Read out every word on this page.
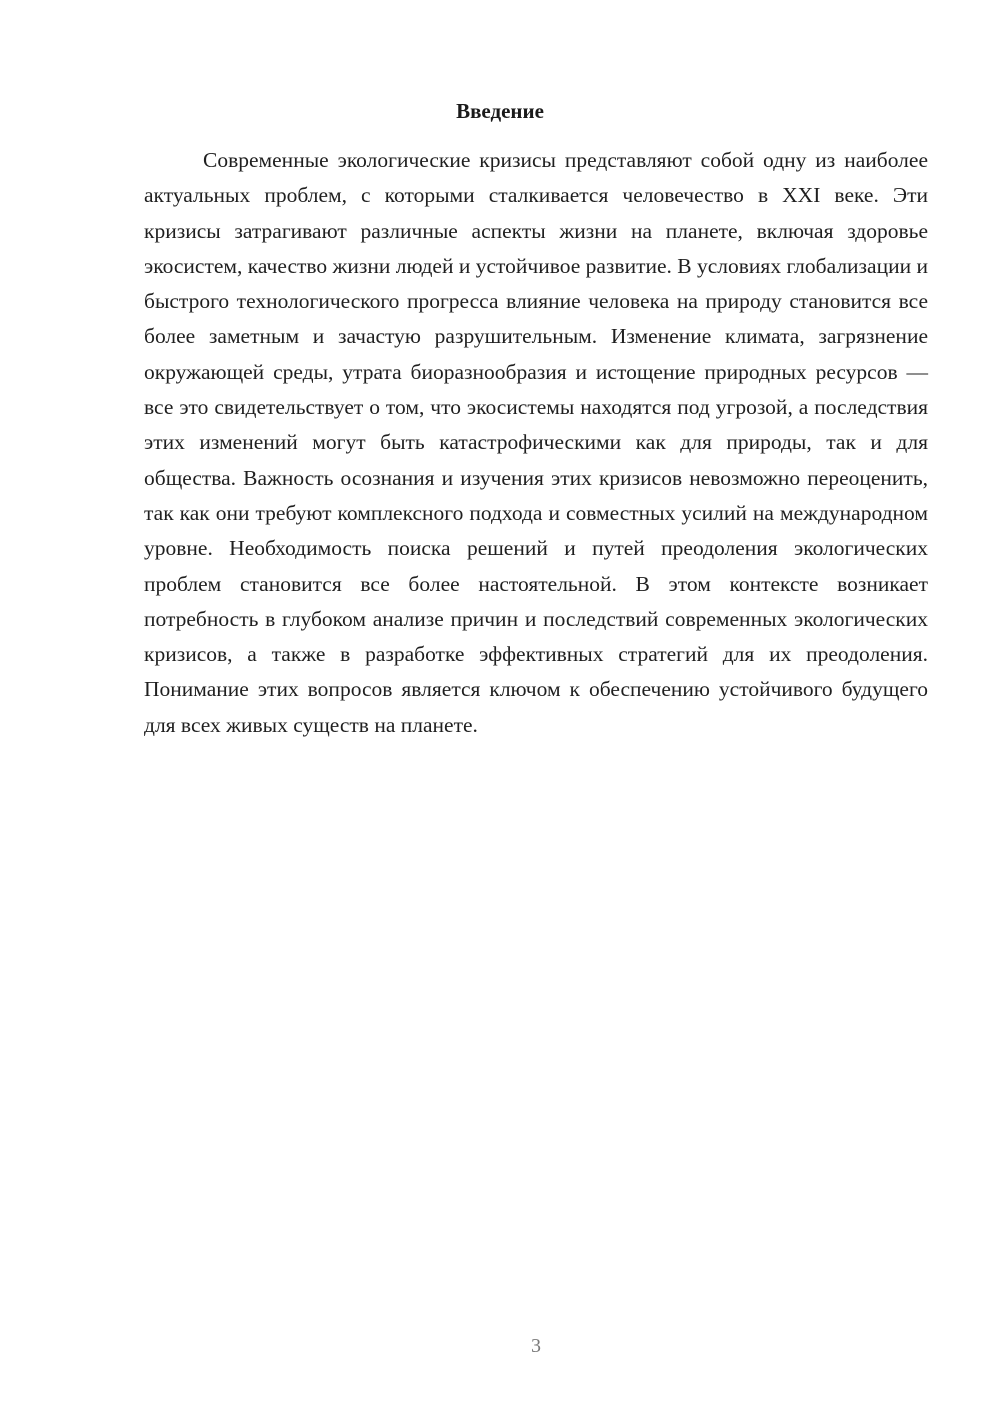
Введение

Современные экологические кризисы представляют собой одну из наиболее актуальных проблем, с которыми сталкивается человечество в XXI веке. Эти кризисы затрагивают различные аспекты жизни на планете, включая здоровье экосистем, качество жизни людей и устойчивое развитие. В условиях глобализации и быстрого технологического прогресса влияние человека на природу становится все более заметным и зачастую разрушительным. Изменение климата, загрязнение окружающей среды, утрата биоразнообразия и истощение природных ресурсов — все это свидетельствует о том, что экосистемы находятся под угрозой, а последствия этих изменений могут быть катастрофическими как для природы, так и для общества. Важность осознания и изучения этих кризисов невозможно переоценить, так как они требуют комплексного подхода и совместных усилий на международном уровне. Необходимость поиска решений и путей преодоления экологических проблем становится все более настоятельной. В этом контексте возникает потребность в глубоком анализе причин и последствий современных экологических кризисов, а также в разработке эффективных стратегий для их преодоления. Понимание этих вопросов является ключом к обеспечению устойчивого будущего для всех живых существ на планете.

3
